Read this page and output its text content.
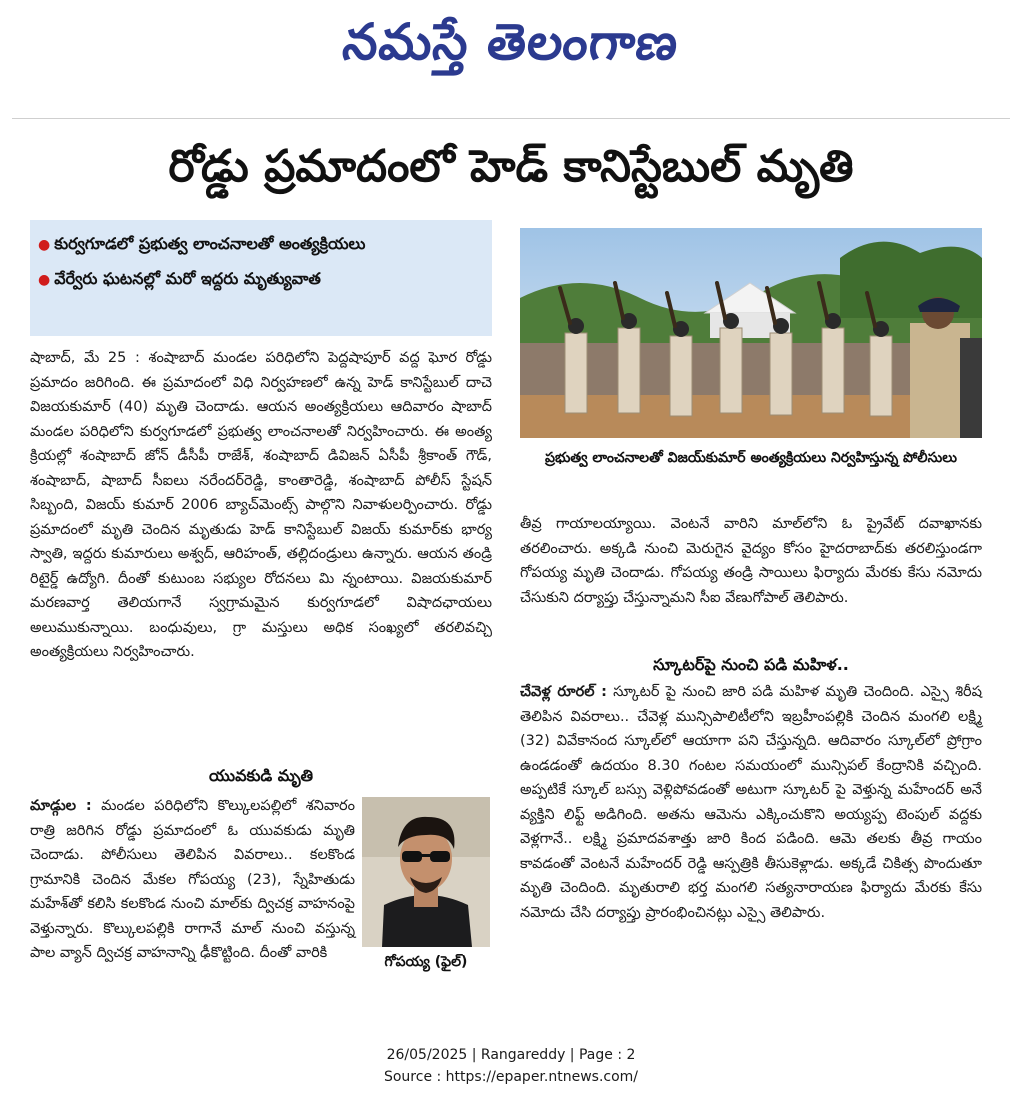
నమస్తే తెలంగాణ
రోడ్డు ప్రమాదంలో హెడ్ కానిస్టేబుల్ మృతి
● కుర్వగూడలో ప్రభుత్వ లాంచనాలతో అంత్యక్రియలు
● వేర్వేరు ఘటనల్లో మరో ఇద్దరు మృత్యువాత
ప్రభుత్వ లాంచనాలతో విజయ్‌కుమార్ అంత్యక్రియలు నిర్వహిస్తున్న పోలీసులు

షాబాద్, మే 25 : శంషాబాద్ మండల పరిధిలోని పెద్దషాపూర్ వద్ద ఘోర రోడ్డు ప్రమాదం జరిగింది. ఈ ప్రమాదంలో విధి నిర్వహణలో ఉన్న హెడ్ కానిస్టేబుల్ దాచె విజయకుమార్ (40) మృతి చెందాడు. ఆయన అంత్యక్రియలు ఆదివారం షాబాద్ మండల పరిధిలోని కుర్వగూడలో ప్రభుత్వ లాంచనాలతో నిర్వహించారు. ఈ అంత్య క్రియల్లో శంషాబాద్ జోన్ డీసీపీ రాజేశ్, శంషాబాద్ డివిజన్ ఏసీపీ శ్రీకాంత్ గౌడ్, శంషాబాద్, షాబాద్ సీఐలు నరేందర్‌రెడ్డి, కాంతారెడ్డి, శంషాబాద్ పోలీస్ స్టేషన్ సిబ్బంది, విజయ్ కుమార్ 2006 బ్యాచ్‌మెంట్స్ పాల్గొని నివాళులర్పించారు. రోడ్డు ప్రమాదంలో మృతి చెందిన మృతుడు హెడ్ కానిస్టేబుల్ విజయ్ కుమార్‌కు భార్య స్వాతి, ఇద్దరు కుమారులు అశ్వద్, ఆరిహంత్, తల్లిదండ్రులు ఉన్నారు. ఆయన తండ్రి రిటైర్డ్ ఉద్యోగి. దీంతో కుటుంబ సభ్యుల రోదనలు మి న్నంటాయి. విజయకుమార్ మరణవార్త తెలియగానే స్వగ్రామమైన కుర్వగూడలో విషాదఛాయలు అలుముకున్నాయి. బంధువులు, గ్రా మస్తులు అధిక సంఖ్యలో తరలివచ్చి అంత్యక్రియలు నిర్వహించారు.

యువకుడి మృతి

మాడ్గుల : మండల పరిధిలోని కొల్కులపల్లిలో శనివారం రాత్రి జరిగిన రోడ్డు ప్రమాదంలో ఓ యువకుడు మృతి చెందాడు. పోలీసులు తెలిపిన వివరాలు.. కలకొండ గ్రామానికి చెందిన మేకల గోపయ్య (23), స్నేహితుడు మహేశ్‌తో కలిసి కలకొండ నుంచి మాల్‌కు ద్విచక్ర వాహనంపై వెళ్తున్నారు. కొల్కులపల్లికి రాగానే మాల్ నుంచి వస్తున్న పాల వ్యాన్ ద్విచక్ర వాహనాన్ని ఢీకొట్టింది. దీంతో వారికి

గోపయ్య (ఫైల్)

తీవ్ర గాయాలయ్యాయి. వెంటనే వారిని మాల్‌లోని ఓ ప్రైవేట్ దవాఖానకు తరలించారు. అక్కడి నుంచి మెరుగైన వైద్యం కోసం హైదరాబాద్‌కు తరలిస్తుండగా గోపయ్య మృతి చెందాడు. గోపయ్య తండ్రి సాయిలు ఫిర్యాదు మేరకు కేసు నమోదు చేసుకుని దర్యాప్తు చేస్తున్నామని సీఐ వేణుగోపాల్ తెలిపారు.

స్కూటర్‌పై నుంచి పడి మహిళ..

చేవెళ్ల రూరల్ : స్కూటర్ పై నుంచి జారి పడి మహిళ మృతి చెందింది. ఎస్సై శిరీష తెలిపిన వివరాలు.. చేవెళ్ల మున్సిపాలిటీలోని ఇబ్రహీంపల్లికి చెందిన మంగలి లక్ష్మి (32) వివేకానంద స్కూల్‌లో ఆయాగా పని చేస్తున్నది. ఆదివారం స్కూల్‌లో ప్రోగ్రాం ఉండడంతో ఉదయం 8.30 గంటల సమయంలో మున్సిపల్ కేంద్రానికి వచ్చింది. అప్పటికే స్కూల్ బస్సు వెళ్లిపోవడంతో అటుగా స్కూటర్ పై వెళ్తున్న మహేందర్ అనే వ్యక్తిని లిఫ్ట్ అడిగింది. అతను ఆమెను ఎక్కించుకొని అయ్యప్ప టెంపుల్ వద్దకు వెళ్లగానే.. లక్ష్మి ప్రమాదవశాత్తు జారి కింద పడింది. ఆమె తలకు తీవ్ర గాయం కావడంతో వెంటనే మహేందర్ రెడ్డి ఆస్పత్రికి తీసుకెళ్లాడు. అక్కడే చికిత్స పొందుతూ మృతి చెందింది. మృతురాలి భర్త మంగలి సత్యనారాయణ ఫిర్యాదు మేరకు కేసు నమోదు చేసి దర్యాప్తు ప్రారంభించినట్లు ఎస్సై తెలిపారు.

26/05/2025 | Rangareddy | Page : 2
Source : https://epaper.ntnews.com/
